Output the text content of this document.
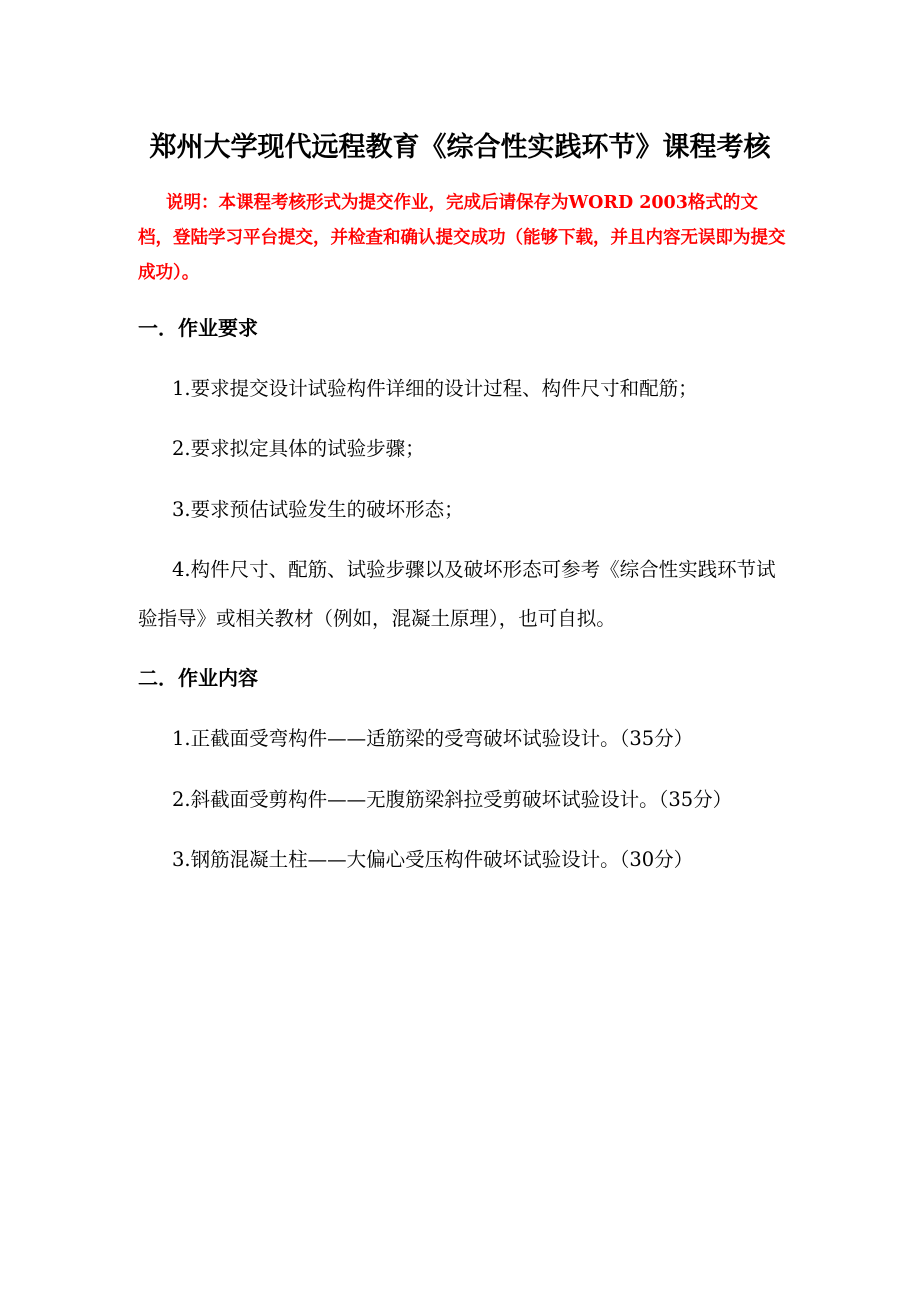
郑州大学现代远程教育《综合性实践环节》课程考核

说明：本课程考核形式为提交作业，完成后请保存为WORD 2003格式的文档，登陆学习平台提交，并检查和确认提交成功（能够下载，并且内容无误即为提交成功）。

一．作业要求

1.要求提交设计试验构件详细的设计过程、构件尺寸和配筋；

2.要求拟定具体的试验步骤；

3.要求预估试验发生的破坏形态；

4.构件尺寸、配筋、试验步骤以及破坏形态可参考《综合性实践环节试验指导》或相关教材（例如，混凝土原理），也可自拟。

二．作业内容

1.正截面受弯构件——适筋梁的受弯破坏试验设计。（35分）

2.斜截面受剪构件——无腹筋梁斜拉受剪破坏试验设计。（35分）

3.钢筋混凝土柱——大偏心受压构件破坏试验设计。（30分）
